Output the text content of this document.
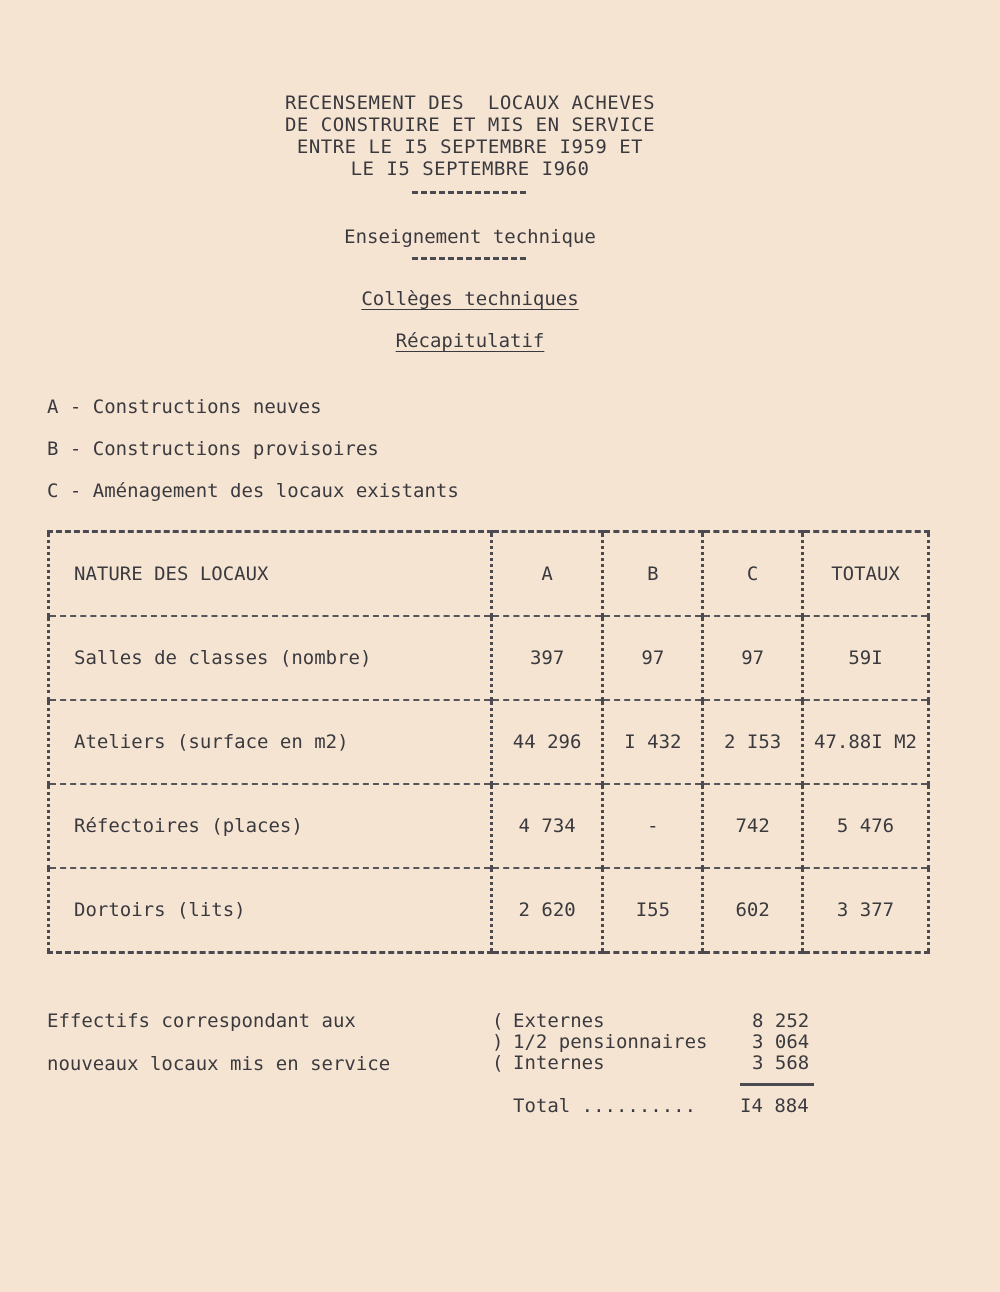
RECENSEMENT DES  LOCAUX ACHEVES
DE CONSTRUIRE ET MIS EN SERVICE
ENTRE LE I5 SEPTEMBRE I959 ET
LE I5 SEPTEMBRE I960
Enseignement technique
Collèges techniques
Récapitulatif
A - Constructions neuves
B - Constructions provisoires
C - Aménagement des locaux existants
NATURE DES LOCAUX	A	B	C	TOTAUX
Salles de classes (nombre)	397	97	97	59I
Ateliers (surface en m2)	44 296	I 432	2 I53	47.88I M2
Réfectoires (places)	4 734	-	742	5 476
Dortoirs (lits)	2 620	I55	602	3 377
Effectifs correspondant aux
nouveaux locaux mis en service
( Externes	8 252
) 1/2 pensionnaires 3 064
( Internes	3 568
Total .......... I4 884
